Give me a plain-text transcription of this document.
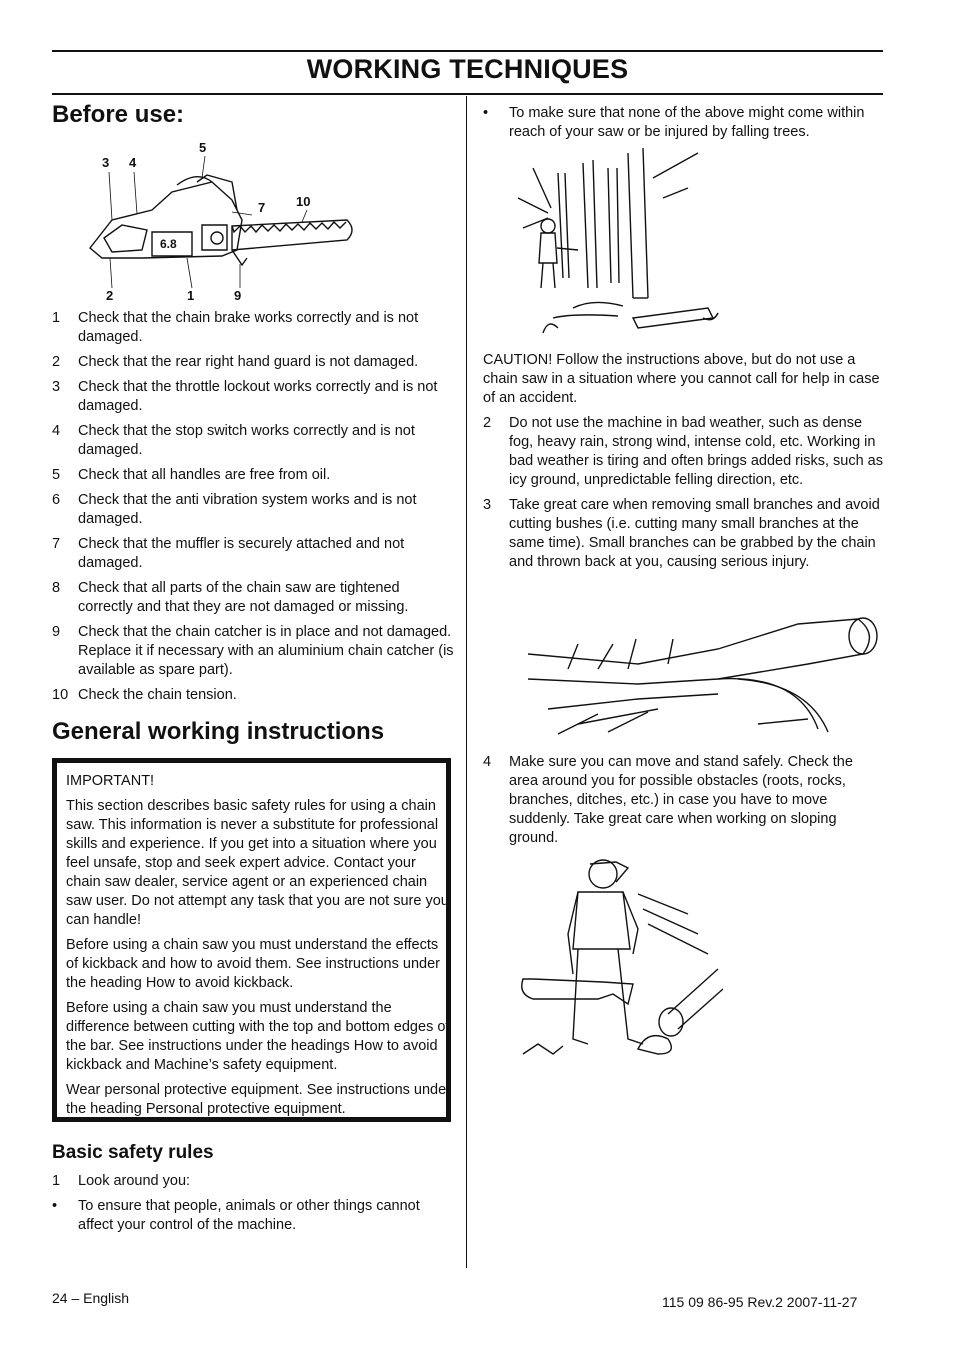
WORKING TECHNIQUES
Before use:
3 4
5
7 10
2	1	9
6.8
1 Check that the chain brake works correctly and is not damaged.
2 Check that the rear right hand guard is not damaged.
3 Check that the throttle lockout works correctly and is not damaged.
4 Check that the stop switch works correctly and is not damaged.
5 Check that all handles are free from oil.
6 Check that the anti vibration system works and is not damaged.
7 Check that the muffler is securely attached and not damaged.
8 Check that all parts of the chain saw are tightened correctly and that they are not damaged or missing.
9 Check that the chain catcher is in place and not damaged. Replace it if necessary with an aluminium chain catcher (is available as spare part).
10 Check the chain tension.
General working instructions

IMPORTANT!

This section describes basic safety rules for using a chain saw. This information is never a substitute for professional skills and experience. If you get into a situation where you feel unsafe, stop and seek expert advice. Contact your chain saw dealer, service agent or an experienced chain saw user. Do not attempt any task that you are not sure you can handle!

Before using a chain saw you must understand the effects of kickback and how to avoid them. See instructions under the heading How to avoid kickback.

Before using a chain saw you must understand the difference between cutting with the top and bottom edges of the bar. See instructions under the headings How to avoid kickback and Machine’s safety equipment.

Wear personal protective equipment. See instructions under the heading Personal protective equipment.

Basic safety rules
1 Look around you:
• To ensure that people, animals or other things cannot affect your control of the machine.
• To make sure that none of the above might come within reach of your saw or be injured by falling trees.

CAUTION! Follow the instructions above, but do not use a chain saw in a situation where you cannot call for help in case of an accident.

2 Do not use the machine in bad weather, such as dense fog, heavy rain, strong wind, intense cold, etc. Working in bad weather is tiring and often brings added risks, such as icy ground, unpredictable felling direction, etc.
3 Take great care when removing small branches and avoid cutting bushes (i.e. cutting many small branches at the same time). Small branches can be grabbed by the chain and thrown back at you, causing serious injury.
4 Make sure you can move and stand safely. Check the area around you for possible obstacles (roots, rocks, branches, ditches, etc.) in case you have to move suddenly. Take great care when working on sloping ground.
24 – English	115 09 86-95 Rev.2 2007-11-27
